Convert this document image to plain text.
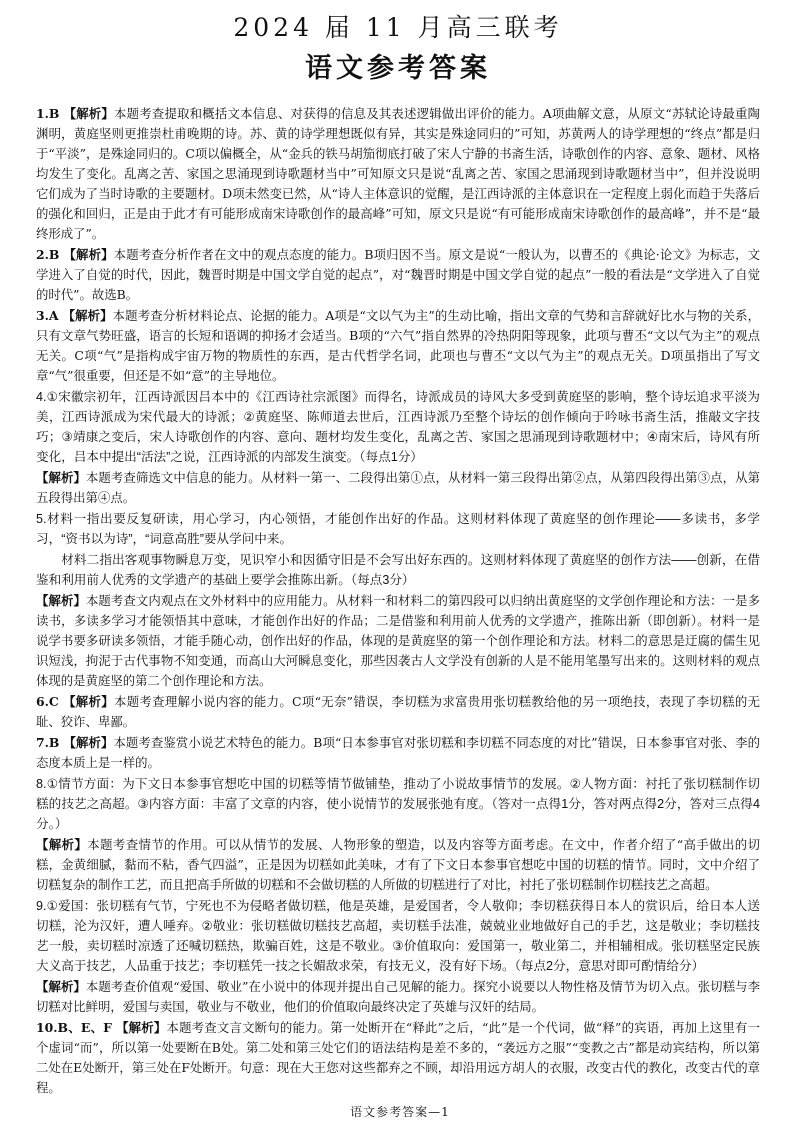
2024 届 11 月高三联考
语文参考答案
1.B 【解析】本题考查提取和概括文本信息、对获得的信息及其表述逻辑做出评价的能力。A项曲解文意，从原文“苏轼论诗最重陶渊明，黄庭坚则更推崇杜甫晚期的诗。苏、黄的诗学理想既似有异，其实是殊途同归的”可知，苏黄两人的诗学理想的“终点”都是归于“平淡”，是殊途同归的。C项以偏概全，从“金兵的铁马胡笳彻底打破了宋人宁静的书斋生活，诗歌创作的内容、意象、题材、风格均发生了变化。乱离之苦、家国之思涌现到诗歌题材当中”可知原文只是说“乱离之苦、家国之思涌现到诗歌题材当中”，但并没说明它们成为了当时诗歌的主要题材。D项未然变已然，从“诗人主体意识的觉醒，是江西诗派的主体意识在一定程度上弱化而趋于失落后的强化和回归，正是由于此才有可能形成南宋诗歌创作的最高峰”可知，原文只是说“有可能形成南宋诗歌创作的最高峰”，并不是“最终形成了”。
2.B 【解析】本题考查分析作者在文中的观点态度的能力。B项归因不当。原文是说“一般认为，以曹丕的《典论·论文》为标志，文学进入了自觉的时代，因此，魏晋时期是中国文学自觉的起点”，对“魏晋时期是中国文学自觉的起点”一般的看法是“文学进入了自觉的时代”。故选B。
3.A 【解析】本题考查分析材料论点、论据的能力。A项是“文以气为主”的生动比喻，指出文章的气势和言辞就好比水与物的关系，只有文章气势旺盛，语言的长短和语调的抑扬才会适当。B项的“六气”指自然界的冷热阴阳等现象，此项与曹丕“文以气为主”的观点无关。C项“气”是指构成宇宙万物的物质性的东西，是古代哲学名词，此项也与曹丕“文以气为主”的观点无关。D项虽指出了写文章“气”很重要，但还是不如“意”的主导地位。
4.①宋徽宗初年，江西诗派因吕本中的《江西诗社宗派图》而得名，诗派成员的诗风大多受到黄庭坚的影响，整个诗坛追求平淡为美，江西诗派成为宋代最大的诗派；②黄庭坚、陈师道去世后，江西诗派乃至整个诗坛的创作倾向于吟咏书斋生活，推敲文字技巧；③靖康之变后，宋人诗歌创作的内容、意向、题材均发生变化，乱离之苦、家国之思涌现到诗歌题材中；④南宋后，诗风有所变化，吕本中提出“活法”之说，江西诗派的内部发生演变。（每点1分）
【解析】本题考查筛选文中信息的能力。从材料一第一、二段得出第①点，从材料一第三段得出第②点，从第四段得出第③点，从第五段得出第④点。
5.材料一指出要反复研读，用心学习，内心领悟，才能创作出好的作品。这则材料体现了黄庭坚的创作理论——多读书，多学习，“资书以为诗”，“词意高胜”要从学问中来。
材料二指出客观事物瞬息万变，见识窄小和因循守旧是不会写出好东西的。这则材料体现了黄庭坚的创作方法——创新，在借鉴和利用前人优秀的文学遗产的基础上要学会推陈出新。（每点3分）
【解析】本题考查文内观点在文外材料中的应用能力。从材料一和材料二的第四段可以归纳出黄庭坚的文学创作理论和方法：一是多读书，多读多学习才能领悟其中意味，才能创作出好的作品；二是借鉴和利用前人优秀的文学遗产，推陈出新（即创新）。材料一是说学书要多研读多领悟，才能手随心动，创作出好的作品，体现的是黄庭坚的第一个创作理论和方法。材料二的意思是迂腐的儒生见识短浅，拘泥于古代事物不知变通，而高山大河瞬息变化，那些因袭古人文学没有创新的人是不能用笔墨写出来的。这则材料的观点体现的是黄庭坚的第二个创作理论和方法。
6.C 【解析】本题考查理解小说内容的能力。C项“无奈”错误，李切糕为求富贵用张切糕教给他的另一项绝技，表现了李切糕的无耻、狡诈、卑鄙。
7.B 【解析】本题考查鉴赏小说艺术特色的能力。B项“日本参事官对张切糕和李切糕不同态度的对比”错误，日本参事官对张、李的态度本质上是一样的。
8.①情节方面：为下文日本参事官想吃中国的切糕等情节做铺垫，推动了小说故事情节的发展。②人物方面：衬托了张切糕制作切糕的技艺之高超。③内容方面：丰富了文章的内容，使小说情节的发展张弛有度。（答对一点得1分，答对两点得2分，答对三点得4分。）
【解析】本题考查情节的作用。可以从情节的发展、人物形象的塑造，以及内容等方面考虑。在文中，作者介绍了“高手做出的切糕，金黄细腻，黏而不粘，香气四溢”，正是因为切糕如此美味，才有了下文日本参事官想吃中国的切糕的情节。同时，文中介绍了切糕复杂的制作工艺，而且把高手所做的切糕和不会做切糕的人所做的切糕进行了对比，衬托了张切糕制作切糕技艺之高超。
9.①爱国：张切糕有气节，宁死也不为侵略者做切糕，他是英雄，是爱国者，令人敬仰；李切糕获得日本人的赏识后，给日本人送切糕，沦为汉奸，遭人唾弃。②敬业：张切糕做切糕技艺高超，卖切糕手法准，兢兢业业地做好自己的手艺，这是敬业；李切糕技艺一般，卖切糕时凉透了还喊切糕热，欺骗百姓，这是不敬业。③价值取向：爱国第一，敬业第二，并相辅相成。张切糕坚定民族大义高于技艺，人品重于技艺；李切糕凭一技之长媚敌求荣，有技无义，没有好下场。（每点2分，意思对即可酌情给分）
【解析】本题考查价值观“爱国、敬业”在小说中的体现并提出自己见解的能力。探究小说要以人物性格及情节为切入点。张切糕与李切糕对比鲜明，爱国与卖国，敬业与不敬业，他们的价值取向最终决定了英雄与汉奸的结局。
10.B、E、F 【解析】本题考查文言文断句的能力。第一处断开在“释此”之后，“此”是一个代词，做“释”的宾语，再加上这里有一个虚词“而”，所以第一处要断在B处。第二处和第三处它们的语法结构是差不多的，“袭远方之服”“变教之古”都是动宾结构，所以第二处在E处断开，第三处在F处断开。句意：现在大王您对这些都弃之不顾，却沿用远方胡人的衣服，改变古代的教化，改变古代的章程。
语文参考答案—1
